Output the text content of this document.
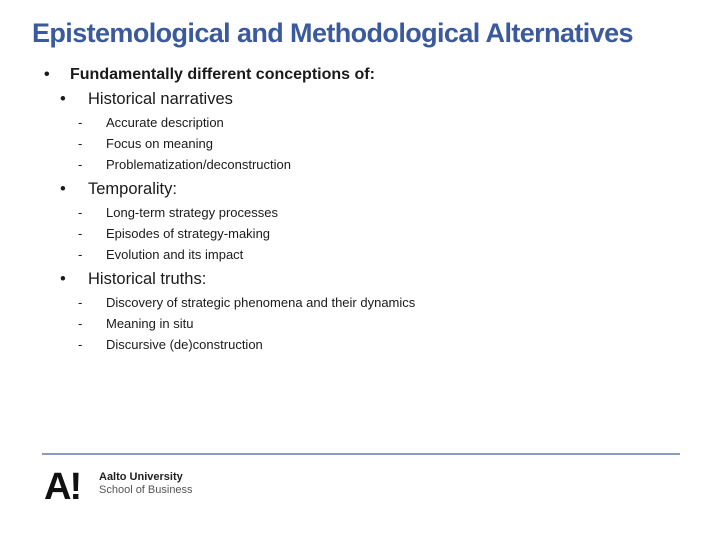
Epistemological and Methodological Alternatives
• Fundamentally different conceptions of:
• Historical narratives
- Accurate description
- Focus on meaning
- Problematization/deconstruction
• Temporality:
- Long-term strategy processes
- Episodes of strategy-making
- Evolution and its impact
• Historical truths:
- Discovery of strategic phenomena and their dynamics
- Meaning in situ
- Discursive (de)construction
A! Aalto University
School of Business
